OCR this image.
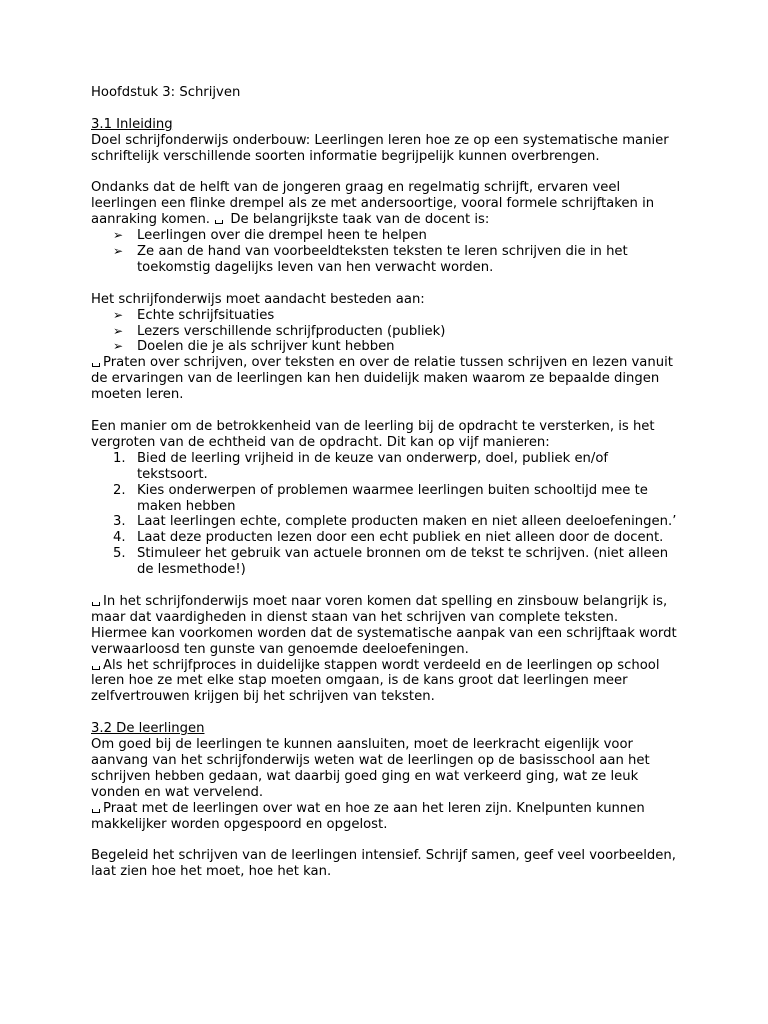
Hoofdstuk 3: Schrijven

3.1 Inleiding

Doel schrijfonderwijs onderbouw: Leerlingen leren hoe ze op een systematische manier schriftelijk verschillende soorten informatie begrijpelijk kunnen overbrengen.

Ondanks dat de helft van de jongeren graag en regelmatig schrijft, ervaren veel leerlingen een flinke drempel als ze met andersoortige, vooral formele schrijftaken in aanraking komen.  De belangrijkste taak van de docent is:

➢ Leerlingen over die drempel heen te helpen
➢ Ze aan de hand van voorbeeldteksten teksten te leren schrijven die in het toekomstig dagelijks leven van hen verwacht worden.

Het schrijfonderwijs moet aandacht besteden aan:

➢ Echte schrijfsituaties
➢ Lezers verschillende schrijfproducten (publiek)
➢ Doelen die je als schrijver kunt hebben

Praten over schrijven, over teksten en over de relatie tussen schrijven en lezen vanuit de ervaringen van de leerlingen kan hen duidelijk maken waarom ze bepaalde dingen moeten leren.

Een manier om de betrokkenheid van de leerling bij de opdracht te versterken, is het vergroten van de echtheid van de opdracht. Dit kan op vijf manieren:

1. Bied de leerling vrijheid in de keuze van onderwerp, doel, publiek en/of tekstsoort.
2. Kies onderwerpen of problemen waarmee leerlingen buiten schooltijd mee te maken hebben
3. Laat leerlingen echte, complete producten maken en niet alleen deeloefeningen.’
4. Laat deze producten lezen door een echt publiek en niet alleen door de docent.
5. Stimuleer het gebruik van actuele bronnen om de tekst te schrijven. (niet alleen de lesmethode!)

In het schrijfonderwijs moet naar voren komen dat spelling en zinsbouw belangrijk is, maar dat vaardigheden in dienst staan van het schrijven van complete teksten.

Hiermee kan voorkomen worden dat de systematische aanpak van een schrijftaak wordt verwaarloosd ten gunste van genoemde deeloefeningen.

Als het schrijfproces in duidelijke stappen wordt verdeeld en de leerlingen op school leren hoe ze met elke stap moeten omgaan, is de kans groot dat leerlingen meer zelfvertrouwen krijgen bij het schrijven van teksten.

3.2 De leerlingen

Om goed bij de leerlingen te kunnen aansluiten, moet de leerkracht eigenlijk voor aanvang van het schrijfonderwijs weten wat de leerlingen op de basisschool aan het schrijven hebben gedaan, wat daarbij goed ging en wat verkeerd ging, wat ze leuk vonden en wat vervelend.

Praat met de leerlingen over wat en hoe ze aan het leren zijn. Knelpunten kunnen makkelijker worden opgespoord en opgelost.

Begeleid het schrijven van de leerlingen intensief. Schrijf samen, geef veel voorbeelden, laat zien hoe het moet, hoe het kan.
